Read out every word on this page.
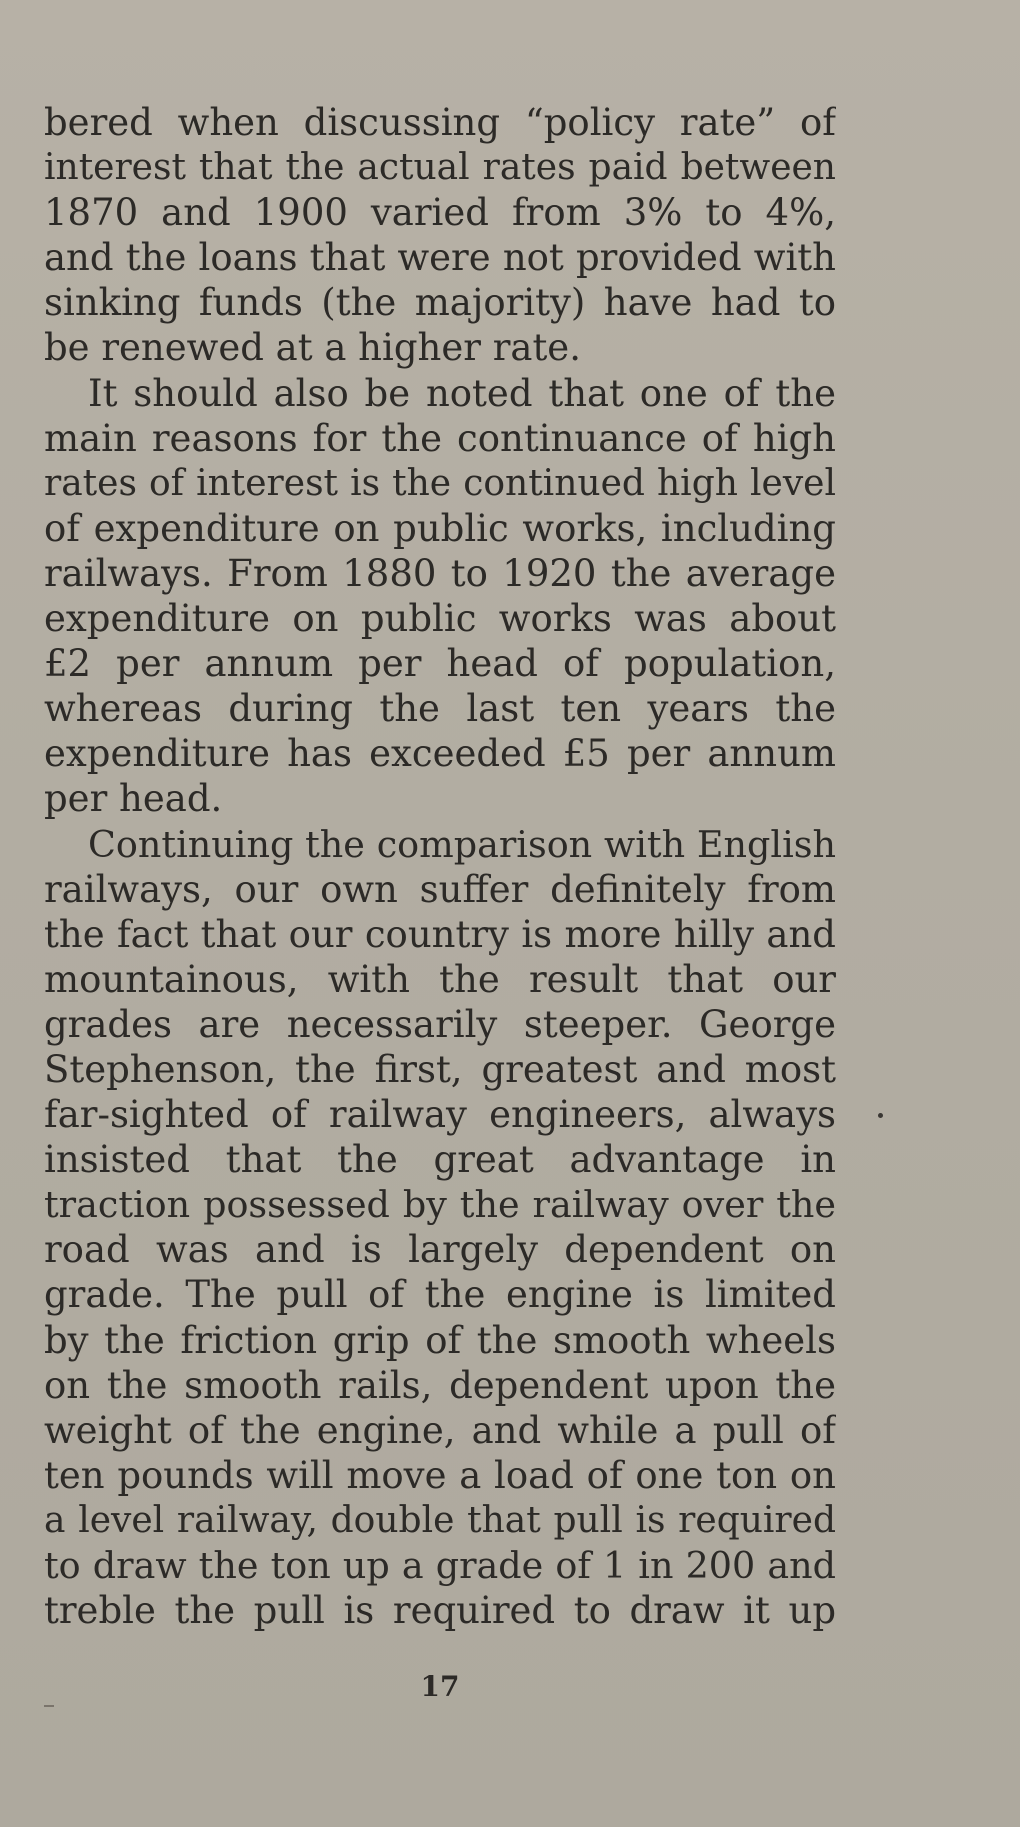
bered when discussing “policy rate” of
interest that the actual rates paid between
1870 and 1900 varied from 3% to 4%,
and the loans that were not provided with
sinking funds (the majority) have had to
be renewed at a higher rate.
It should also be noted that one of the
main reasons for the continuance of high
rates of interest is the continued high level
of expenditure on public works, including
railways. From 1880 to 1920 the average
expenditure on public works was about
£2 per annum per head of population,
whereas during the last ten years the
expenditure has exceeded £5 per annum
per head.
Continuing the comparison with English
railways, our own suffer definitely from
the fact that our country is more hilly and
mountainous, with the result that our
grades are necessarily steeper. George
Stephenson, the first, greatest and most
far-sighted of railway engineers, always
insisted that the great advantage in
traction possessed by the railway over the
road was and is largely dependent on
grade. The pull of the engine is limited
by the friction grip of the smooth wheels
on the smooth rails, dependent upon the
weight of the engine, and while a pull of
ten pounds will move a load of one ton on
a level railway, double that pull is required
to draw the ton up a grade of 1 in 200 and
treble the pull is required to draw it up
17
